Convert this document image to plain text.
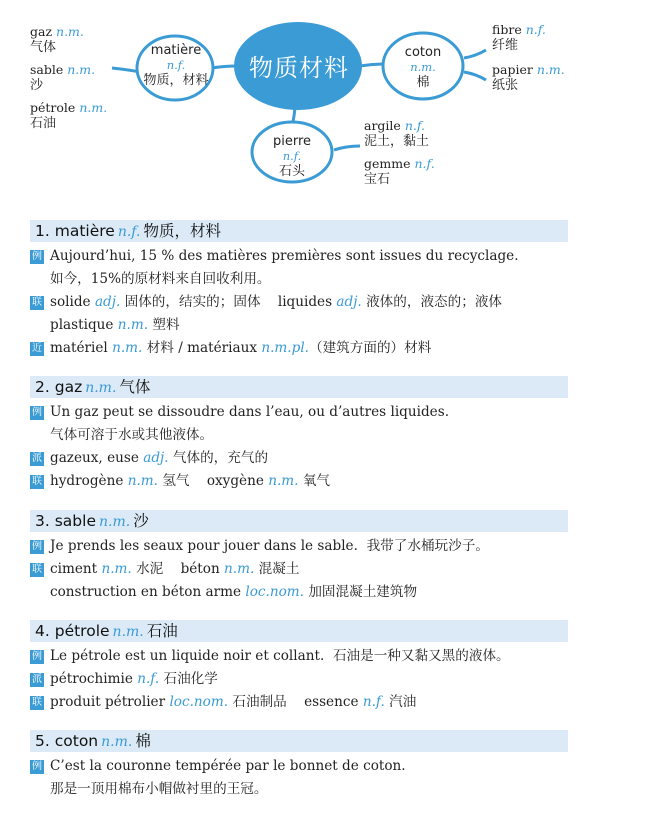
物质材料
matière
n.f.
物质，材料
coton
n.m.
棉
pierre
n.f.
石头
gaz n.m.
气体
sable n.m.
沙
pétrole n.m.
石油
fibre n.f.
纤维
papier n.m.
纸张
argile n.f.
泥土，黏土
gemme n.f.
宝石
1. matière n.f. 物质，材料
例 Aujourd’hui, 15 % des matières premières sont issues du recyclage.
如今，15%的原材料来自回收利用。
联 solide adj. 固体的，结实的；固体 liquides adj. 液体的，液态的；液体
plastique n.m. 塑料
近 matériel n.m. 材料 / matériaux n.m.pl.（建筑方面的）材料
2. gaz n.m. 气体
例 Un gaz peut se dissoudre dans l’eau, ou d’autres liquides.
气体可溶于水或其他液体。
派 gazeux, euse adj. 气体的，充气的
联 hydrogène n.m. 氢气 oxygène n.m. 氧气
3. sable n.m. 沙
例 Je prends les seaux pour jouer dans le sable. 我带了水桶玩沙子。
联 ciment n.m. 水泥 béton n.m. 混凝土
construction en béton arme loc.nom. 加固混凝土建筑物
4. pétrole n.m. 石油
例 Le pétrole est un liquide noir et collant. 石油是一种又黏又黑的液体。
派 pétrochimie n.f. 石油化学
联 produit pétrolier loc.nom. 石油制品 essence n.f. 汽油
5. coton n.m. 棉
例 C’est la couronne tempérée par le bonnet de coton.
那是一顶用棉布小帽做衬里的王冠。
